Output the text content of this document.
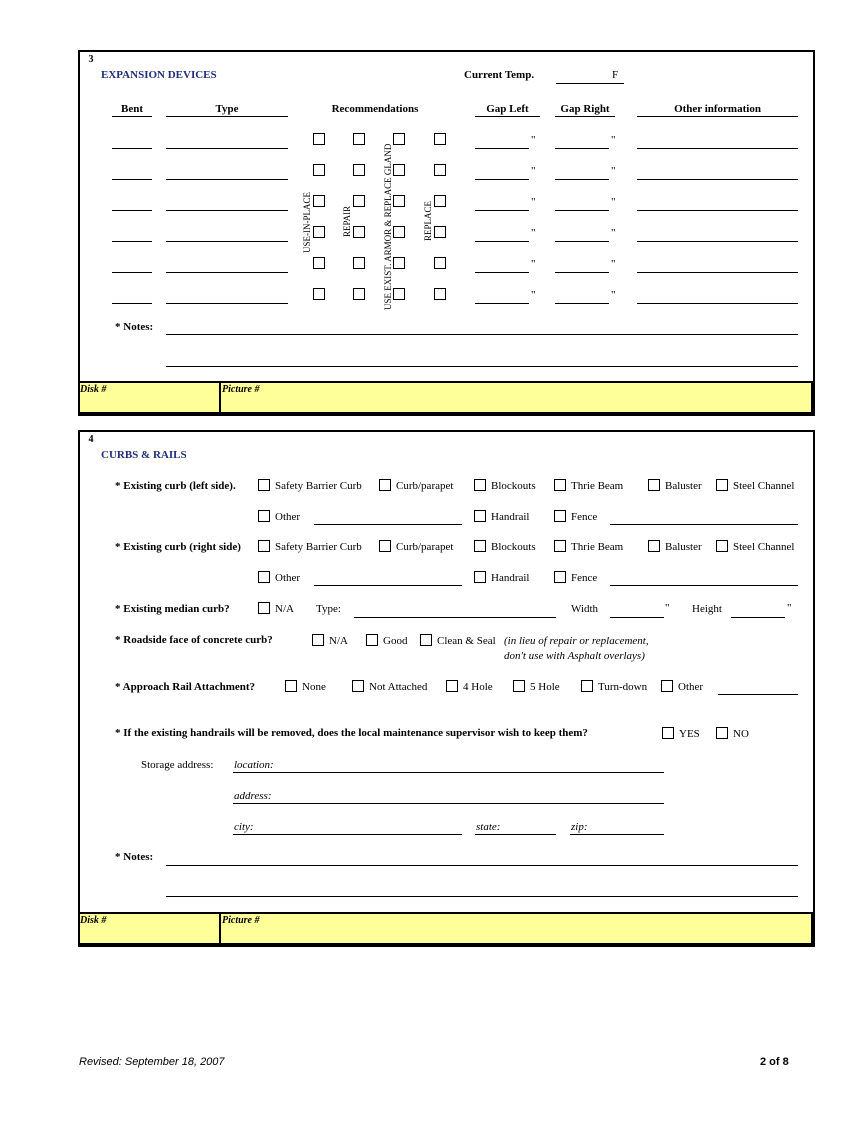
3
EXPANSION DEVICES	Current Temp.	F
Bent	Type	Recommendations	Gap Left	Gap Right	Other information
"	"
"	"
"	"
"	"
"	"
"	"
USE-IN-PLACE	REPAIR	USE EXIST. ARMOR & REPLACE GLAND	REPLACE
* Notes:
Disk #	Picture #
4
CURBS & RAILS
* Existing curb (left side).	Safety Barrier Curb	Curb/parapet	Blockouts	Thrie Beam	Baluster	Steel Channel
Other	Handrail	Fence
* Existing curb (right side)	Safety Barrier Curb	Curb/parapet	Blockouts	Thrie Beam	Baluster	Steel Channel
Other	Handrail	Fence
* Existing median curb?	N/A Type:	Width	" Height	"
* Roadside face of concrete curb?	N/A	Good	Clean & Seal (in lieu of repair or replacement,
don't use with Asphalt overlays)
* Approach Rail Attachment?	None	Not Attached	4 Hole	5 Hole	Turn-down	Other
* If the existing handrails will be removed, does the local maintenance supervisor wish to keep them?	YES	NO
Storage address: location:
address:
city:	state:	zip:
* Notes:
Disk #	Picture #
Revised: September 18, 2007	2 of 8
